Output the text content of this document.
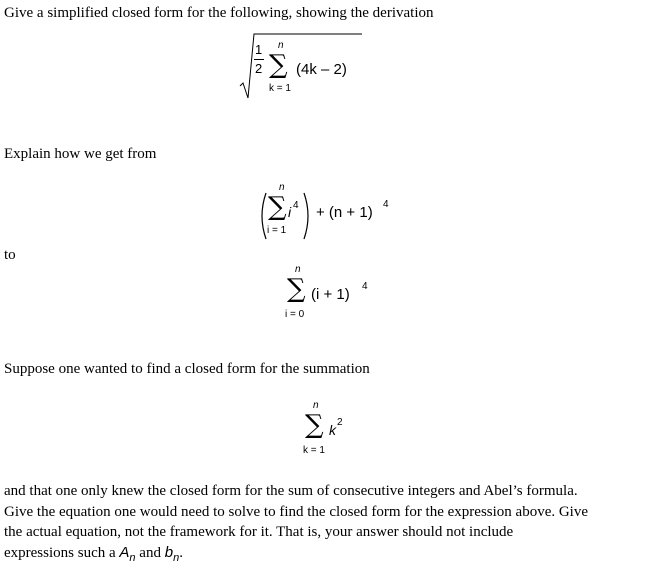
Give a simplified closed form for the following, showing the derivation
1
2
n
∑
k = 1
(4k – 2)
Explain how we get from
n
∑
i = 1
i 4 + (n + 1) 4
to
n
∑
i = 0
(i + 1) 4
Suppose one wanted to find a closed form for the summation
n
∑
k = 1
k 2
and that one only knew the closed form for the sum of consecutive integers and Abel’s formula.
Give the equation one would need to solve to find the closed form for the expression above. Give
the actual equation, not the framework for it. That is, your answer should not include
expressions such a $A_n$ and $b_n$.
